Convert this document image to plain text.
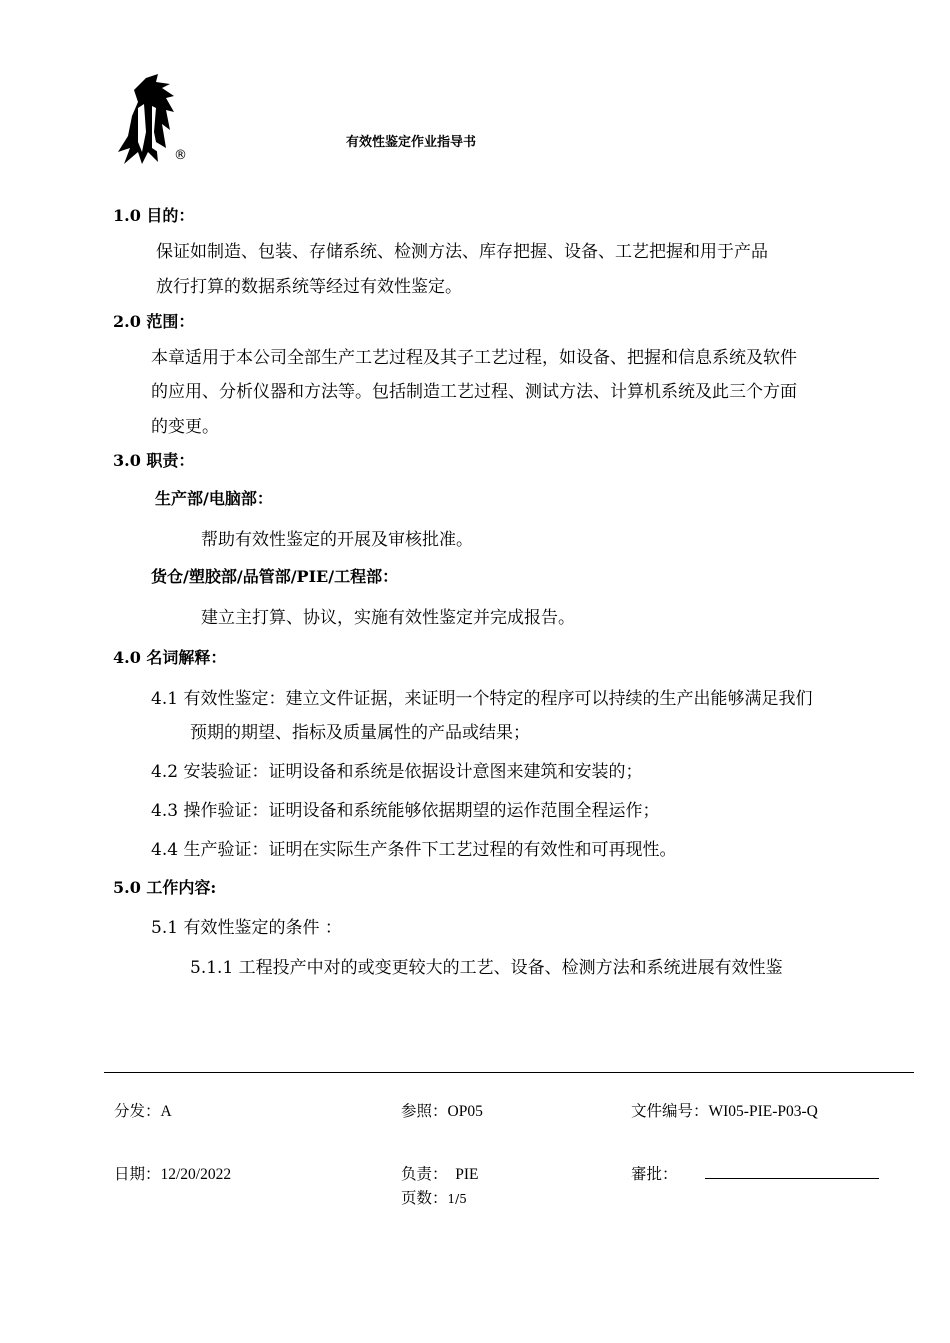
®
有效性鉴定作业指导书
1.0 目的：
保证如制造、包装、存储系统、检测方法、库存把握、设备、工艺把握和用于产品
放行打算的数据系统等经过有效性鉴定。
2.0 范围：
本章适用于本公司全部生产工艺过程及其子工艺过程，如设备、把握和信息系统及软件
的应用、分析仪器和方法等。包括制造工艺过程、测试方法、计算机系统及此三个方面
的变更。
3.0 职责：
生产部/电脑部：
帮助有效性鉴定的开展及审核批准。
货仓/塑胶部/品管部/PIE/工程部：
建立主打算、协议，实施有效性鉴定并完成报告。
4.0 名词解释：
4.1 有效性鉴定：建立文件证据，来证明一个特定的程序可以持续的生产出能够满足我们
预期的期望、指标及质量属性的产品或结果；
4.2 安装验证：证明设备和系统是依据设计意图来建筑和安装的；
4.3 操作验证：证明设备和系统能够依据期望的运作范围全程运作；
4.4 生产验证：证明在实际生产条件下工艺过程的有效性和可再现性。
5.0 工作内容:
5.1 有效性鉴定的条件 ：
5.1.1 工程投产中对的或变更较大的工艺、设备、检测方法和系统进展有效性鉴
分发：A	参照：OP05	文件编号：WI05-PIE-P03-Q
日期：12/20/2022	负责：  PIE	審批：
页数：1/5
